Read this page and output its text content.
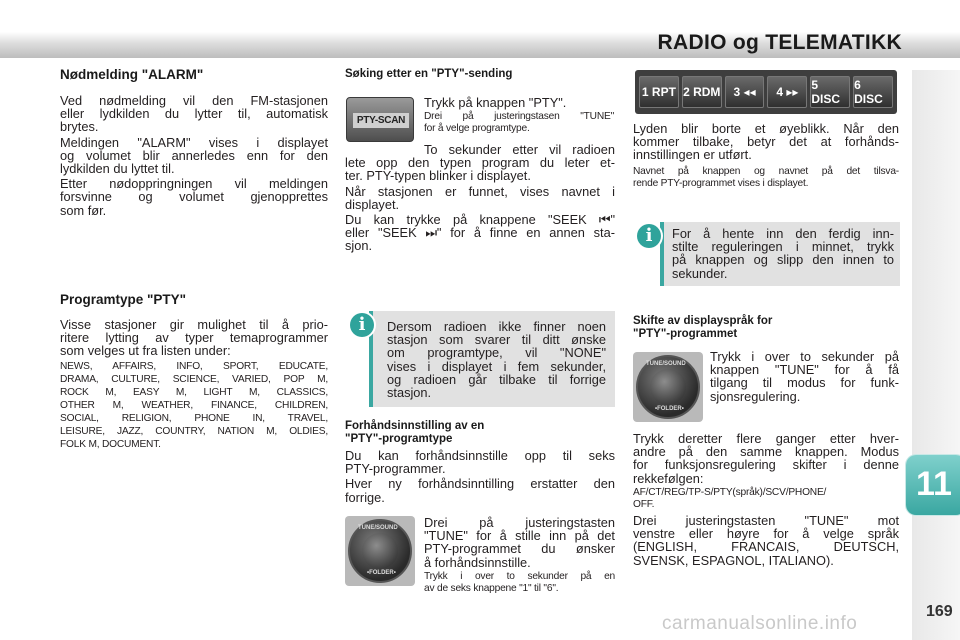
RADIO og TELEMATIKK
Nødmelding "ALARM"
Ved nødmelding vil den FM-stasjonen
eller lydkilden du lytter til, automatisk
brytes.
Meldingen "ALARM" vises i displayet
og volumet blir annerledes enn for den
lydkilden du lyttet til.
Etter nødoppringningen vil meldingen
forsvinne og volumet gjenopprettes
som før.
Programtype "PTY"
Visse stasjoner gir mulighet til å prio-
ritere lytting av typer temaprogrammer
som velges ut fra listen under:
NEWS, AFFAIRS, INFO, SPORT, EDUCATE,
DRAMA, CULTURE, SCIENCE, VARIED, POP M,
ROCK M, EASY M, LIGHT M, CLASSICS,
OTHER M, WEATHER, FINANCE, CHILDREN,
SOCIAL, RELIGION, PHONE IN, TRAVEL,
LEISURE, JAZZ, COUNTRY, NATION M, OLDIES,
FOLK M, DOCUMENT.
Søking etter en "PTY"-sending
PTY-SCAN
Trykk på knappen "PTY".
Drei på justeringstasen "TUNE"
for å velge programtype.
To sekunder etter vil radioen
lete opp den typen program du leter et-
ter. PTY-typen blinker i displayet.
Når stasjonen er funnet, vises navnet i
displayet.
Du kan trykke på knappene "SEEK ⏮"
eller "SEEK ⏭" for å finne en annen sta-
sjon.
i	Dersom radioen ikke finner noen
stasjon som svarer til ditt ønske
om programtype, vil "NONE"
vises i displayet i fem sekunder,
og radioen går tilbake til forrige
stasjon.
Forhåndsinnstilling av en
"PTY"-programtype
Du kan forhåndsinnstille opp til seks
PTY-programmer.
Hver ny forhåndsinntilling erstatter den
forrige.
TUNE/SOUND
•FOLDER•
Drei på justeringstasten
"TUNE" for å stille inn på det
PTY-programmet du ønsker
å forhåndsinnstille.
Trykk i over to sekunder på en
av de seks knappene "1" til "6".
1 RPT 2 RDM	3 ◂◂	4 ▸▸	5 DISC
6 DISC
Lyden blir borte et øyeblikk. Når den
kommer tilbake, betyr det at forhånds-
innstillingen er utført.
Navnet på knappen og navnet på det tilsva-
rende PTY-programmet vises i displayet.
i	For å hente inn den ferdig inn-
stilte reguleringen i minnet, trykk
på knappen og slipp den innen to
sekunder.
Skifte av displayspråk for
"PTY"-programmet
TUNE/SOUND
•FOLDER•
Trykk i over to sekunder på
knappen "TUNE" for å få
tilgang til modus for funk-
sjonsregulering.
Trykk deretter flere ganger etter hver-
andre på den samme knappen. Modus
for funksjonsregulering skifter i denne
rekkefølgen:
AF/CT/REG/TP-S/PTY(språk)/SCV/PHONE/
OFF.
Drei justeringstasten "TUNE" mot
venstre eller høyre for å velge språk
(ENGLISH, FRANCAIS, DEUTSCH,
SVENSK, ESPAGNOL, ITALIANO).
11
169
carmanualsonline.info
